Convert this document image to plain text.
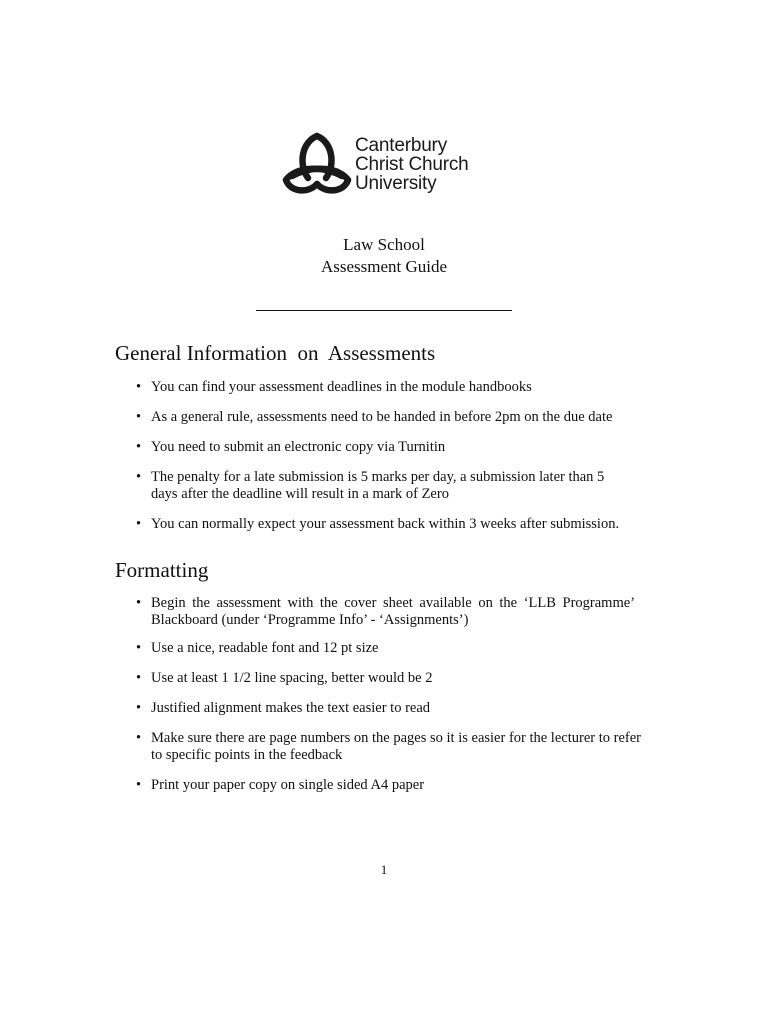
Canterbury
Christ Church
University
Law School
Assessment Guide
General Information  on  Assessments
• You can find your assessment deadlines in the module handbooks
• As a general rule, assessments need to be handed in before 2pm on the due date
• You need to submit an electronic copy via Turnitin
• The penalty for a late submission is 5 marks per day, a submission later than 5 days after the deadline will result in a mark of Zero
• You can normally expect your assessment back within 3 weeks after submission.
Formatting
• Begin the assessment with the cover sheet available on the ‘LLB Programme’ Blackboard (under ‘Programme Info’ - ‘Assignments’)
• Use a nice, readable font and 12 pt size
• Use at least 1 1/2 line spacing, better would be 2
• Justified alignment makes the text easier to read
• Make sure there are page numbers on the pages so it is easier for the lecturer to refer to specific points in the feedback
• Print your paper copy on single sided A4 paper
1
